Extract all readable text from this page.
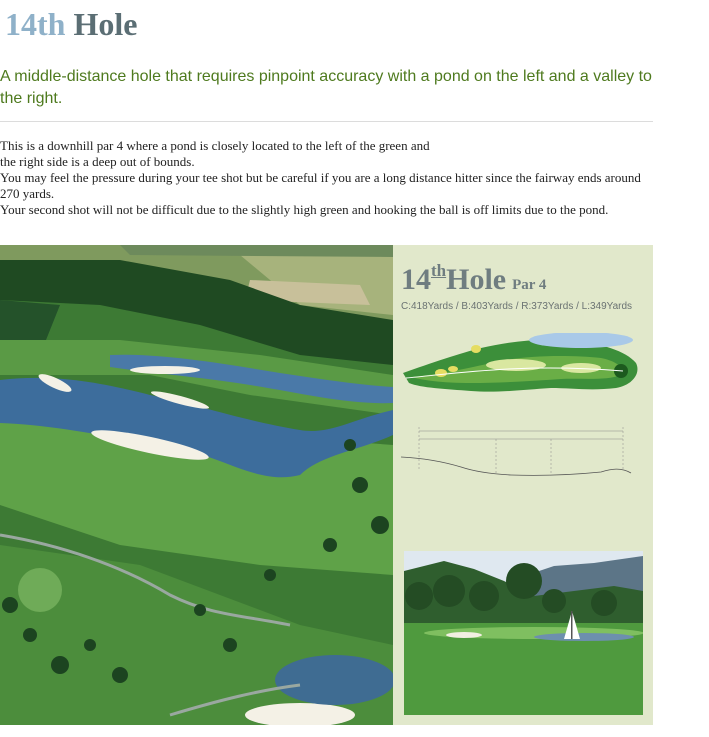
14th Hole
A middle-distance hole that requires pinpoint accuracy with a pond on the left and a valley to the right.

This is a downhill par 4 where a pond is closely located to the left of the green and

the right side is a deep out of bounds.

You may feel the pressure during your tee shot but be careful if you are a long distance hitter since the fairway ends around 270 yards.

Your second shot will not be difficult due to the slightly high green and hooking the ball is off limits due to the pond.

14thHole Par 4
C:418Yards / B:403Yards / R:373Yards / L:349Yards
